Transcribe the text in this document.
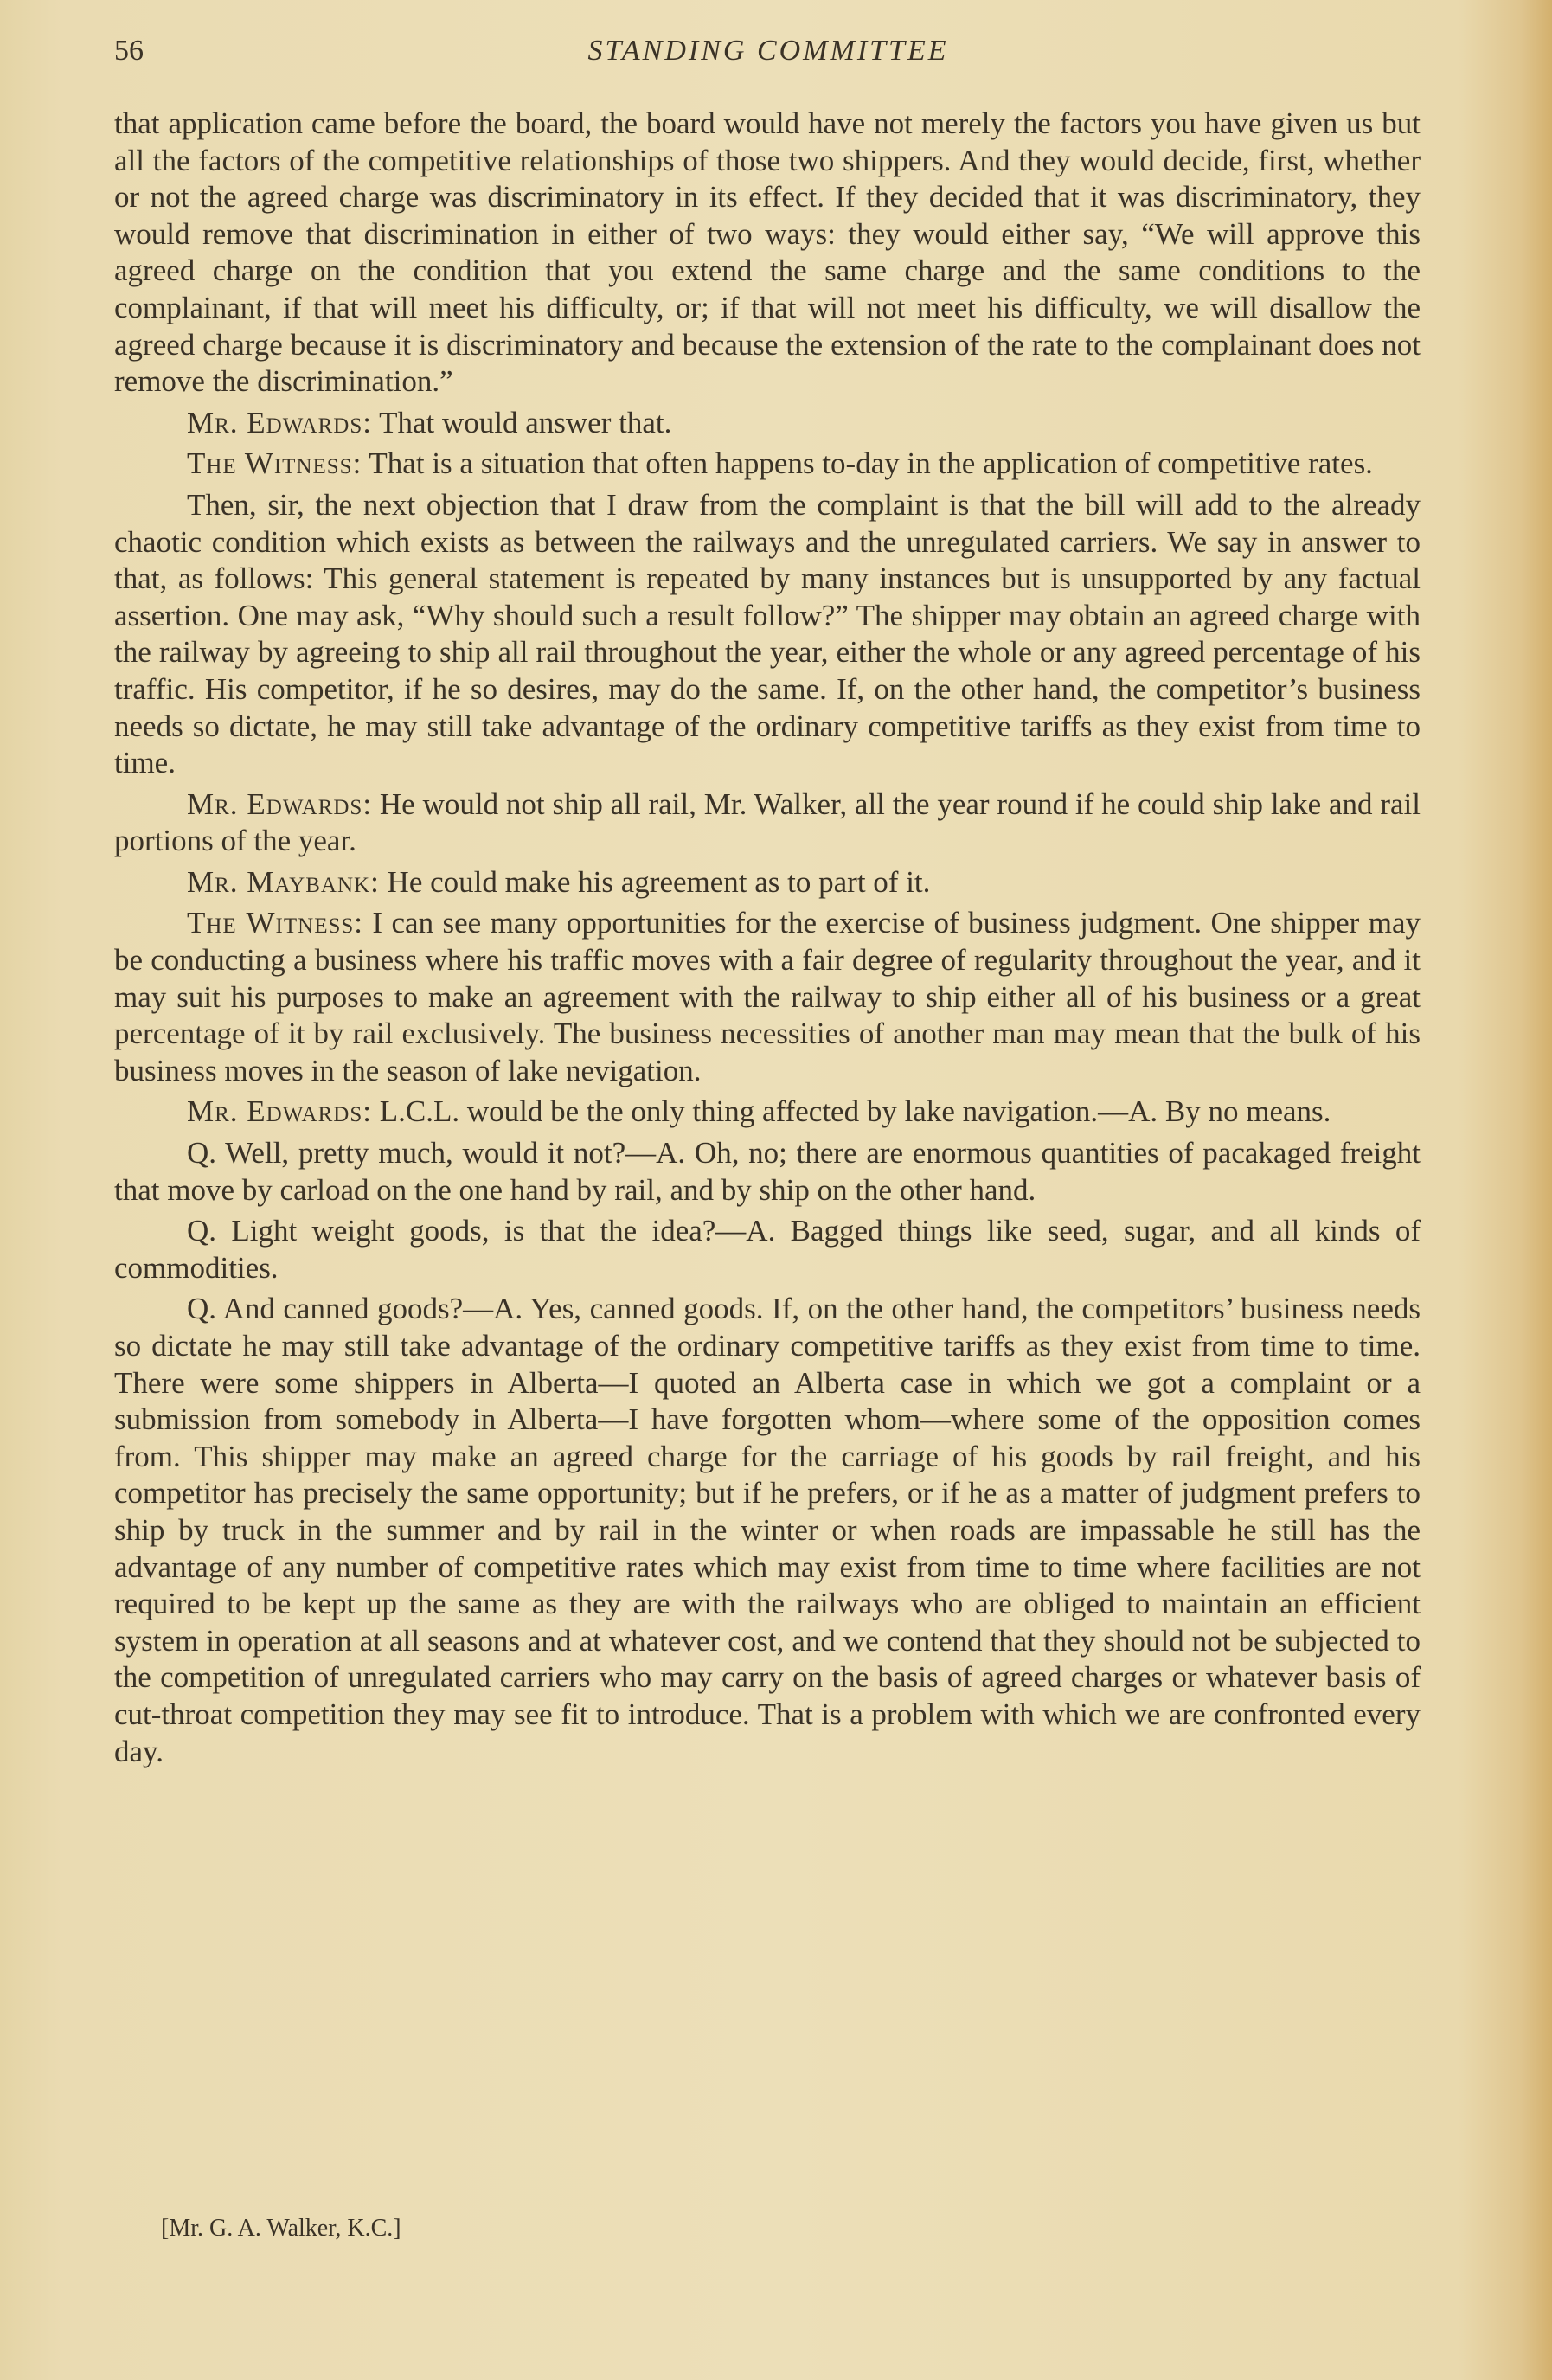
56	STANDING COMMITTEE

that application came before the board, the board would have not merely the factors you have given us but all the factors of the competitive relationships of those two shippers. And they would decide, first, whether or not the agreed charge was discriminatory in its effect. If they decided that it was discriminatory, they would remove that discrimination in either of two ways: they would either say, “We will approve this agreed charge on the condition that you extend the same charge and the same conditions to the complainant, if that will meet his difficulty, or; if that will not meet his difficulty, we will disallow the agreed charge because it is discriminatory and because the extension of the rate to the complainant does not remove the discrimination.”

Mr. Edwards: That would answer that.

The Witness: That is a situation that often happens to-day in the application of competitive rates.

Then, sir, the next objection that I draw from the complaint is that the bill will add to the already chaotic condition which exists as between the railways and the unregulated carriers. We say in answer to that, as follows: This general statement is repeated by many instances but is unsupported by any factual assertion. One may ask, “Why should such a result follow?” The shipper may obtain an agreed charge with the railway by agreeing to ship all rail throughout the year, either the whole or any agreed percentage of his traffic. His competitor, if he so desires, may do the same. If, on the other hand, the competitor’s business needs so dictate, he may still take advantage of the ordinary competitive tariffs as they exist from time to time.

Mr. Edwards: He would not ship all rail, Mr. Walker, all the year round if he could ship lake and rail portions of the year.

Mr. Maybank: He could make his agreement as to part of it.

The Witness: I can see many opportunities for the exercise of business judgment. One shipper may be conducting a business where his traffic moves with a fair degree of regularity throughout the year, and it may suit his purposes to make an agreement with the railway to ship either all of his business or a great percentage of it by rail exclusively. The business necessities of another man may mean that the bulk of his business moves in the season of lake nevigation.

Mr. Edwards: L.C.L. would be the only thing affected by lake navigation.—A. By no means.

Q. Well, pretty much, would it not?—A. Oh, no; there are enormous quantities of pacakaged freight that move by carload on the one hand by rail, and by ship on the other hand.

Q. Light weight goods, is that the idea?—A. Bagged things like seed, sugar, and all kinds of commodities.

Q. And canned goods?—A. Yes, canned goods. If, on the other hand, the competitors’ business needs so dictate he may still take advantage of the ordinary competitive tariffs as they exist from time to time. There were some shippers in Alberta—I quoted an Alberta case in which we got a complaint or a submission from somebody in Alberta—I have forgotten whom—where some of the opposition comes from. This shipper may make an agreed charge for the carriage of his goods by rail freight, and his competitor has precisely the same opportunity; but if he prefers, or if he as a matter of judgment prefers to ship by truck in the summer and by rail in the winter or when roads are impassable he still has the advantage of any number of competitive rates which may exist from time to time where facilities are not required to be kept up the same as they are with the railways who are obliged to maintain an efficient system in operation at all seasons and at whatever cost, and we contend that they should not be subjected to the competition of unregulated carriers who may carry on the basis of agreed charges or whatever basis of cut-throat competition they may see fit to introduce. That is a problem with which we are confronted every day.

[Mr. G. A. Walker, K.C.]
